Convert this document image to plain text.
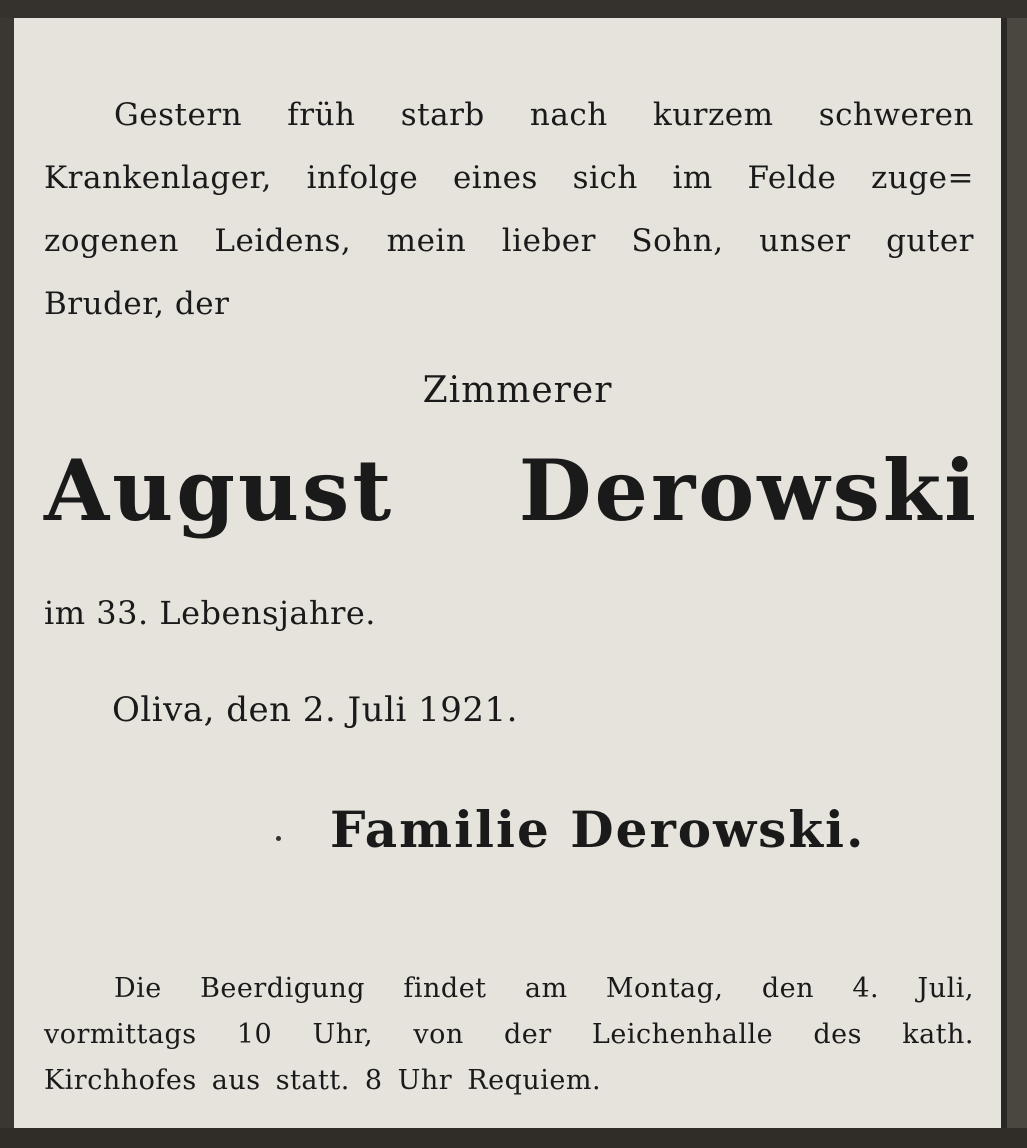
Gestern früh starb nach kurzem schweren
Krankenlager, infolge eines sich im Felde zuge=
zogenen Leidens, mein lieber Sohn, unser guter
Bruder, der
Zimmerer
August Derowski
im 33. Lebensjahre.
Oliva, den 2. Juli 1921.
Familie Derowski.
Die Beerdigung findet am Montag, den 4. Juli,
vormittags 10 Uhr, von der Leichenhalle des kath.
Kirchhofes aus statt. 8 Uhr Requiem.
